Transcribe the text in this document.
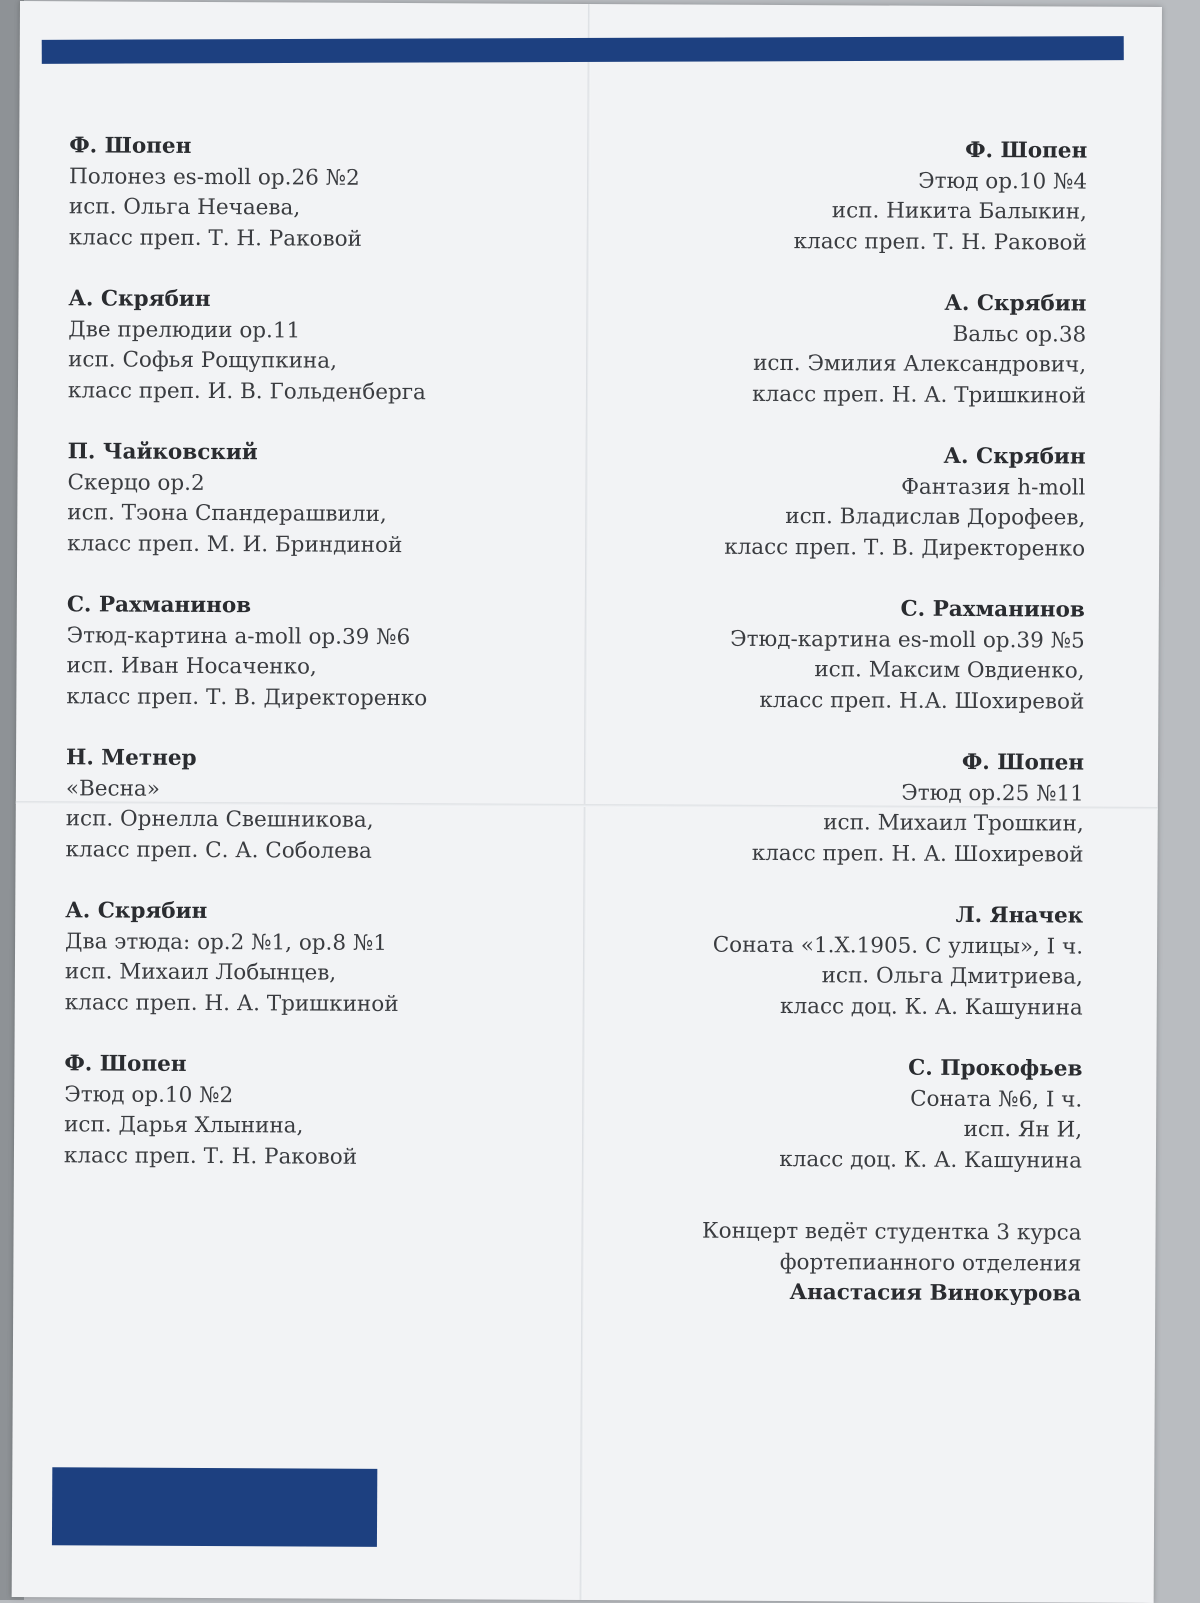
Ф. Шопен
Полонез es-moll op.26 №2
исп. Ольга Нечаева,
класс преп. Т. Н. Раковой
А. Скрябин
Две прелюдии op.11
исп. Софья Рощупкина,
класс преп. И. В. Гольденберга
П. Чайковский
Скерцо op.2
исп. Тэона Спандерашвили,
класс преп. М. И. Бриндиной
С. Рахманинов
Этюд-картина a-moll op.39 №6
исп. Иван Носаченко,
класс преп. Т. В. Директоренко
Н. Метнер
«Весна»
исп. Орнелла Свешникова,
класс преп. С. А. Соболева
А. Скрябин
Два этюда: op.2 №1, op.8 №1
исп. Михаил Лобынцев,
класс преп. Н. А. Тришкиной
Ф. Шопен
Этюд op.10 №2
исп. Дарья Хлынина,
класс преп. Т. Н. Раковой
Ф. Шопен
Этюд op.10 №4
исп. Никита Балыкин,
класс преп. Т. Н. Раковой
А. Скрябин
Вальс op.38
исп. Эмилия Александрович,
класс преп. Н. А. Тришкиной
А. Скрябин
Фантазия h-moll
исп. Владислав Дорофеев,
класс преп. Т. В. Директоренко
С. Рахманинов
Этюд-картина es-moll op.39 №5
исп. Максим Овдиенко,
класс преп. Н.А. Шохиревой
Ф. Шопен
Этюд op.25 №11
исп. Михаил Трошкин,
класс преп. Н. А. Шохиревой
Л. Яначек
Соната «1.X.1905. С улицы», I ч.
исп. Ольга Дмитриева,
класс доц. К. А. Кашунина
С. Прокофьев
Соната №6, I ч.
исп. Ян И,
класс доц. К. А. Кашунина
Концерт ведёт студентка 3 курса
фортепианного отделения
Анастасия Винокурова
